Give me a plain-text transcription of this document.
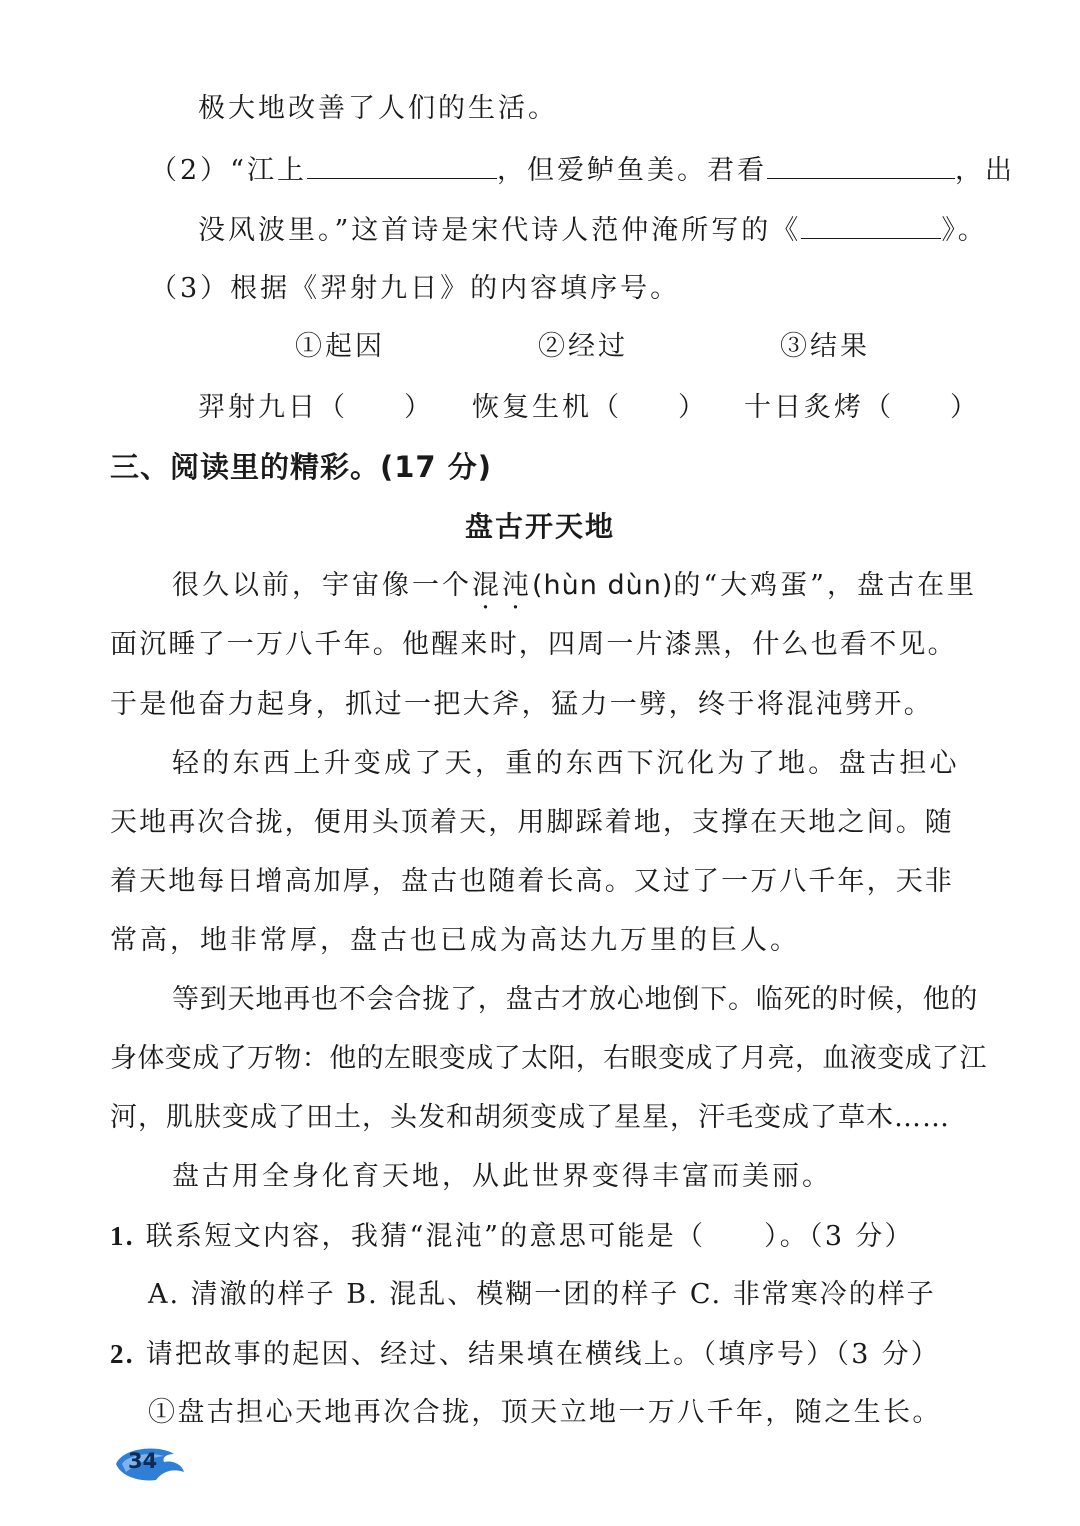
极大地改善了人们的生活。
（2）“江上	，但爱鲈鱼美。君看	，出
没风波里。”这首诗是宋代诗人范仲淹所写的《	》。
（3）根据《羿射九日》的内容填序号。
①起因	②经过	③结果
羿射九日（ ） 恢复生机（ ） 十日炙烤（ ）
三、阅读里的精彩。(17 分)
盘古开天地
很久以前，宇宙像一个混沌(hùn dùn)的“大鸡蛋”，盘古在里
面沉睡了一万八千年。他醒来时，四周一片漆黑，什么也看不见。
于是他奋力起身，抓过一把大斧，猛力一劈，终于将混沌劈开。
轻的东西上升变成了天，重的东西下沉化为了地。盘古担心
天地再次合拢，便用头顶着天，用脚踩着地，支撑在天地之间。随
着天地每日增高加厚，盘古也随着长高。又过了一万八千年，天非
常高，地非常厚，盘古也已成为高达九万里的巨人。
等到天地再也不会合拢了，盘古才放心地倒下。临死的时候，他的
身体变成了万物：他的左眼变成了太阳，右眼变成了月亮，血液变成了江
河，肌肤变成了田土，头发和胡须变成了星星，汗毛变成了草木……
盘古用全身化育天地，从此世界变得丰富而美丽。
1. 联系短文内容，我猜“混沌”的意思可能是（　　）。（3 分）
A. 清澈的样子 B. 混乱、模糊一团的样子 C. 非常寒冷的样子
2. 请把故事的起因、经过、结果填在横线上。（填序号）（3 分）
①盘古担心天地再次合拢，顶天立地一万八千年，随之生长。
34
